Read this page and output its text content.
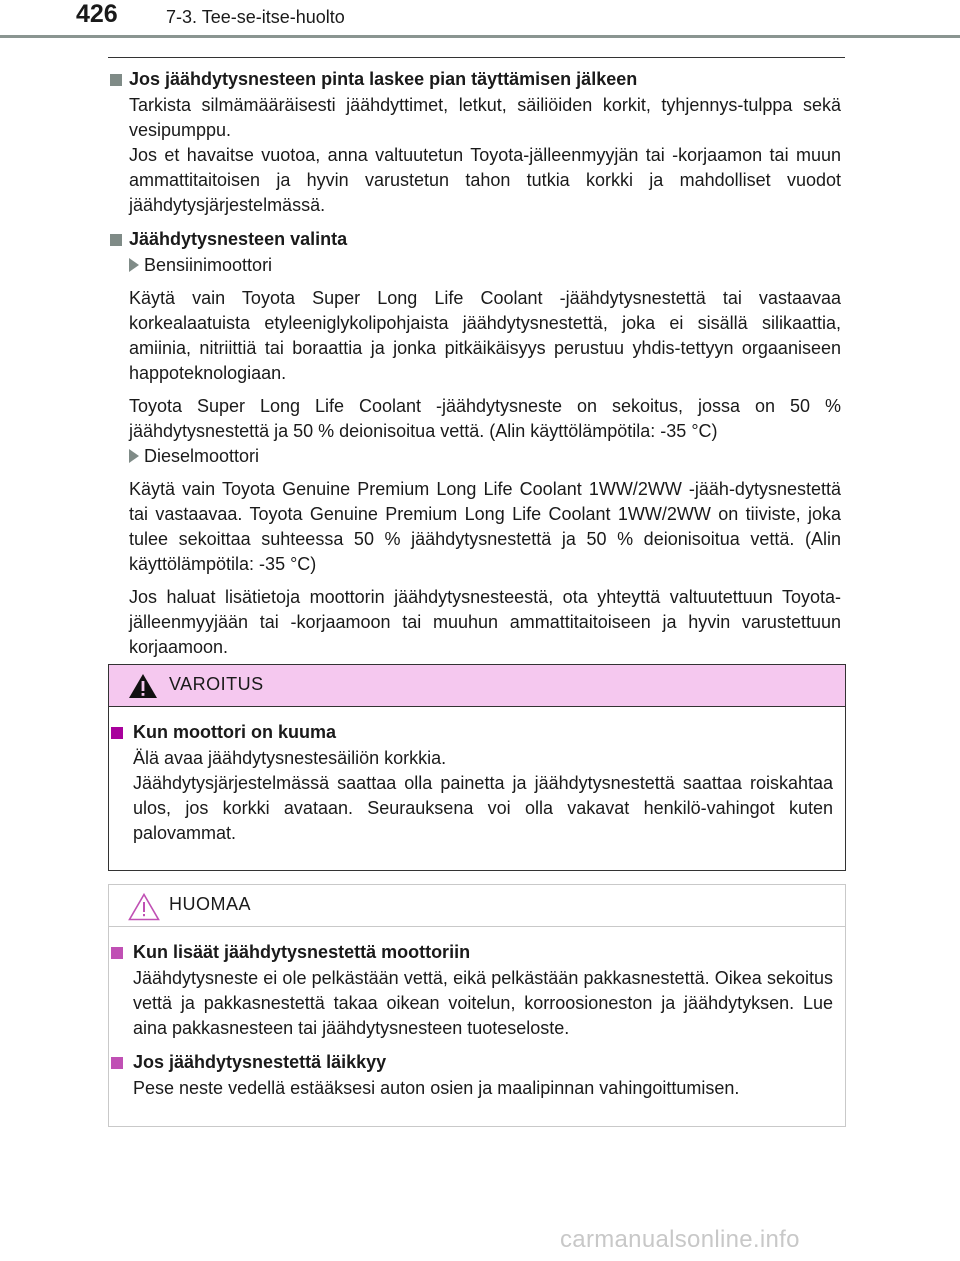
426	7-3. Tee-se-itse-huolto
Jos jäähdytysnesteen pinta laskee pian täyttämisen jälkeen

Tarkista silmämääräisesti jäähdyttimet, letkut, säiliöiden korkit, tyhjennys-tulppa sekä vesipumppu.

Jos et havaitse vuotoa, anna valtuutetun Toyota-jälleenmyyjän tai -korjaamon tai muun ammattitaitoisen ja hyvin varustetun tahon tutkia korkki ja mahdolliset vuodot jäähdytysjärjestelmässä.

Jäähdytysnesteen valinta

Bensiinimoottori

Käytä vain Toyota Super Long Life Coolant -jäähdytysnestettä tai vastaavaa korkealaatuista etyleeniglykolipohjaista jäähdytysnestettä, joka ei sisällä silikaattia, amiinia, nitriittiä tai boraattia ja jonka pitkäikäisyys perustuu yhdis-tettyyn orgaaniseen happoteknologiaan.

Toyota Super Long Life Coolant -jäähdytysneste on sekoitus, jossa on 50 % jäähdytysnestettä ja 50 % deionisoitua vettä. (Alin käyttölämpötila: -35 °C)

Dieselmoottori

Käytä vain Toyota Genuine Premium Long Life Coolant 1WW/2WW -jääh-dytysnestettä tai vastaavaa. Toyota Genuine Premium Long Life Coolant 1WW/2WW on tiiviste, joka tulee sekoittaa suhteessa 50 % jäähdytysnestettä ja 50 % deionisoitua vettä. (Alin käyttölämpötila: -35 °C)

Jos haluat lisätietoja moottorin jäähdytysnesteestä, ota yhteyttä valtuutettuun Toyota-jälleenmyyjään tai -korjaamoon tai muuhun ammattitaitoiseen ja hyvin varustettuun korjaamoon.

VAROITUS
Kun moottori on kuuma

Älä avaa jäähdytysnestesäiliön korkkia.

Jäähdytysjärjestelmässä saattaa olla painetta ja jäähdytysnestettä saattaa roiskahtaa ulos, jos korkki avataan. Seurauksena voi olla vakavat henkilö-vahingot kuten palovammat.

HUOMAA
Kun lisäät jäähdytysnestettä moottoriin

Jäähdytysneste ei ole pelkästään vettä, eikä pelkästään pakkasnestettä. Oikea sekoitus vettä ja pakkasnestettä takaa oikean voitelun, korroosioneston ja jäähdytyksen. Lue aina pakkasnesteen tai jäähdytysnesteen tuoteseloste.

Jos jäähdytysnestettä läikkyy

Pese neste vedellä estääksesi auton osien ja maalipinnan vahingoittumisen.

carmanualsonline.info
